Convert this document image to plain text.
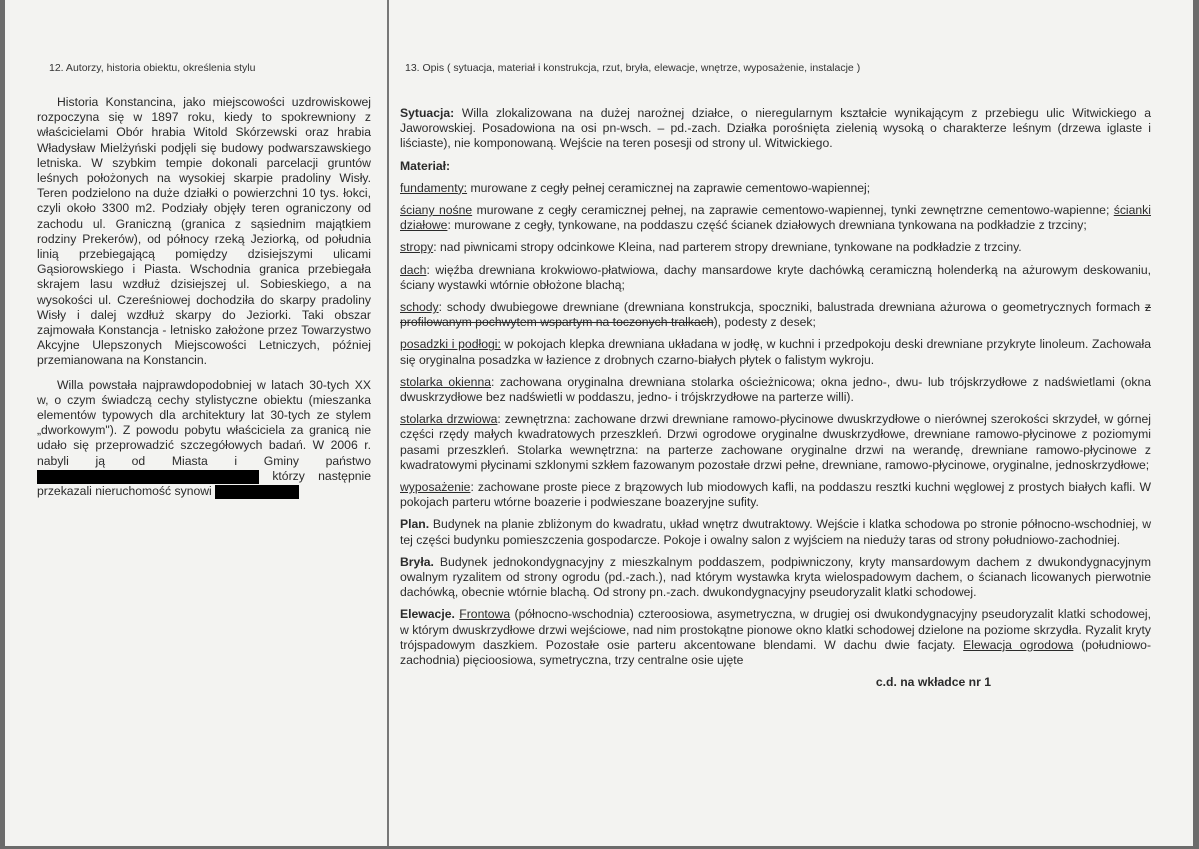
12. Autorzy, historia obiektu, określenia stylu

Historia Konstancina, jako miejscowości uzdrowiskowej rozpoczyna się w 1897 roku, kiedy to spokrewniony z właścicielami Obór hrabia Witold Skórzewski oraz hrabia Władysław Mielżyński podjęli się budowy podwarszawskiego letniska. W szybkim tempie dokonali parcelacji gruntów leśnych położonych na wysokiej skarpie pradoliny Wisły. Teren podzielono na duże działki o powierzchni 10 tys. łokci, czyli około 3300 m2. Podziały objęły teren ograniczony od zachodu ul. Graniczną (granica z sąsiednim majątkiem rodziny Prekerów), od północy rzeką Jeziorką, od południa linią przebiegającą pomiędzy dzisiejszymi ulicami Gąsiorowskiego i Piasta. Wschodnia granica przebiegała skrajem lasu wzdłuż dzisiejszej ul. Sobieskiego, a na wysokości ul. Czereśniowej dochodziła do skarpy pradoliny Wisły i dalej wzdłuż skarpy do Jeziorki. Taki obszar zajmowała Konstancja - letnisko założone przez Towarzystwo Akcyjne Ulepszonych Miejscowości Letniczych, później przemianowana na Konstancin.

Willa powstała najprawdopodobniej w latach 30-tych XX w, o czym świadczą cechy stylistyczne obiektu (mieszanka elementów typowych dla architektury lat 30-tych ze stylem „dworkowym"). Z powodu pobytu właściciela za granicą nie udało się przeprowadzić szczegółowych badań. W 2006 r. nabyli ją od Miasta i Gminy państwo  którzy następnie przekazali nieruchomość synowi

13. Opis ( sytuacja, materiał i konstrukcja, rzut, bryła, elewacje, wnętrze, wyposażenie, instalacje )

Sytuacja: Willa zlokalizowana na dużej narożnej działce, o nieregularnym kształcie wynikającym z przebiegu ulic Witwickiego a Jaworowskiej. Posadowiona na osi pn-wsch. – pd.-zach. Działka porośnięta zielenią wysoką o charakterze leśnym (drzewa iglaste i liściaste), nie komponowaną. Wejście na teren posesji od strony ul. Witwickiego.

Materiał:

fundamenty: murowane z cegły pełnej ceramicznej na zaprawie cementowo-wapiennej;

ściany nośne murowane z cegły ceramicznej pełnej, na zaprawie cementowo-wapiennej, tynki zewnętrzne cementowo-wapienne; ścianki działowe: murowane z cegły, tynkowane, na poddaszu część ścianek działowych drewniana tynkowana na podkładzie z trzciny;

stropy: nad piwnicami stropy odcinkowe Kleina, nad parterem stropy drewniane, tynkowane na podkładzie z trzciny.

dach: więźba drewniana krokwiowo-płatwiowa, dachy mansardowe kryte dachówką ceramiczną holenderką na ażurowym deskowaniu, ściany wystawki wtórnie obłożone blachą;

schody: schody dwubiegowe drewniane (drewniana konstrukcja, spoczniki, balustrada drewniana ażurowa o geometrycznych formach z profilowanym pochwytem wspartym na toczonych tralkach), podesty z desek;

posadzki i podłogi: w pokojach klepka drewniana układana w jodłę, w kuchni i przedpokoju deski drewniane przykryte linoleum. Zachowała się oryginalna posadzka w łazience z drobnych czarno-białych płytek o falistym wykroju.

stolarka okienna: zachowana oryginalna drewniana stolarka ościeżnicowa; okna jedno-, dwu- lub trójskrzydłowe z nadświetlami (okna dwuskrzydłowe bez nadświetli w poddaszu, jedno- i trójskrzydłowe na parterze willi).

stolarka drzwiowa: zewnętrzna: zachowane drzwi drewniane ramowo-płycinowe dwuskrzydłowe o nierównej szerokości skrzydeł, w górnej części rzędy małych kwadratowych przeszkleń. Drzwi ogrodowe oryginalne dwuskrzydłowe, drewniane ramowo-płycinowe z poziomymi pasami przeszkleń. Stolarka wewnętrzna: na parterze zachowane oryginalne drzwi na werandę, drewniane ramowo-płycinowe z kwadratowymi płycinami szklonymi szkłem fazowanym pozostałe drzwi pełne, drewniane, ramowo-płycinowe, oryginalne, jednoskrzydłowe;

wyposażenie: zachowane proste piece z brązowych lub miodowych kafli, na poddaszu resztki kuchni węglowej z prostych białych kafli. W pokojach parteru wtórne boazerie i podwieszane boazeryjne sufity.

Plan. Budynek na planie zbliżonym do kwadratu, układ wnętrz dwutraktowy. Wejście i klatka schodowa po stronie północno-wschodniej, w tej części budynku pomieszczenia gospodarcze. Pokoje i owalny salon z wyjściem na nieduży taras od strony południowo-zachodniej.

Bryła. Budynek jednokondygnacyjny z mieszkalnym poddaszem, podpiwniczony, kryty mansardowym dachem z dwukondygnacyjnym owalnym ryzalitem od strony ogrodu (pd.-zach.), nad którym wystawka kryta wielospadowym dachem, o ścianach licowanych pierwotnie dachówką, obecnie wtórnie blachą. Od strony pn.-zach. dwukondygnacyjny pseudoryzalit klatki schodowej.

Elewacje. Frontowa (północno-wschodnia) czteroosiowa, asymetryczna, w drugiej osi dwukondygnacyjny pseudoryzalit klatki schodowej, w którym dwuskrzydłowe drzwi wejściowe, nad nim prostokątne pionowe okno klatki schodowej dzielone na poziome skrzydła. Ryzalit kryty trójspadowym daszkiem. Pozostałe osie parteru akcentowane blendami. W dachu dwie facjaty. Elewacja ogrodowa (południowo-zachodnia) pięcioosiowa, symetryczna, trzy centralne osie ujęte

c.d. na wkładce nr 1
